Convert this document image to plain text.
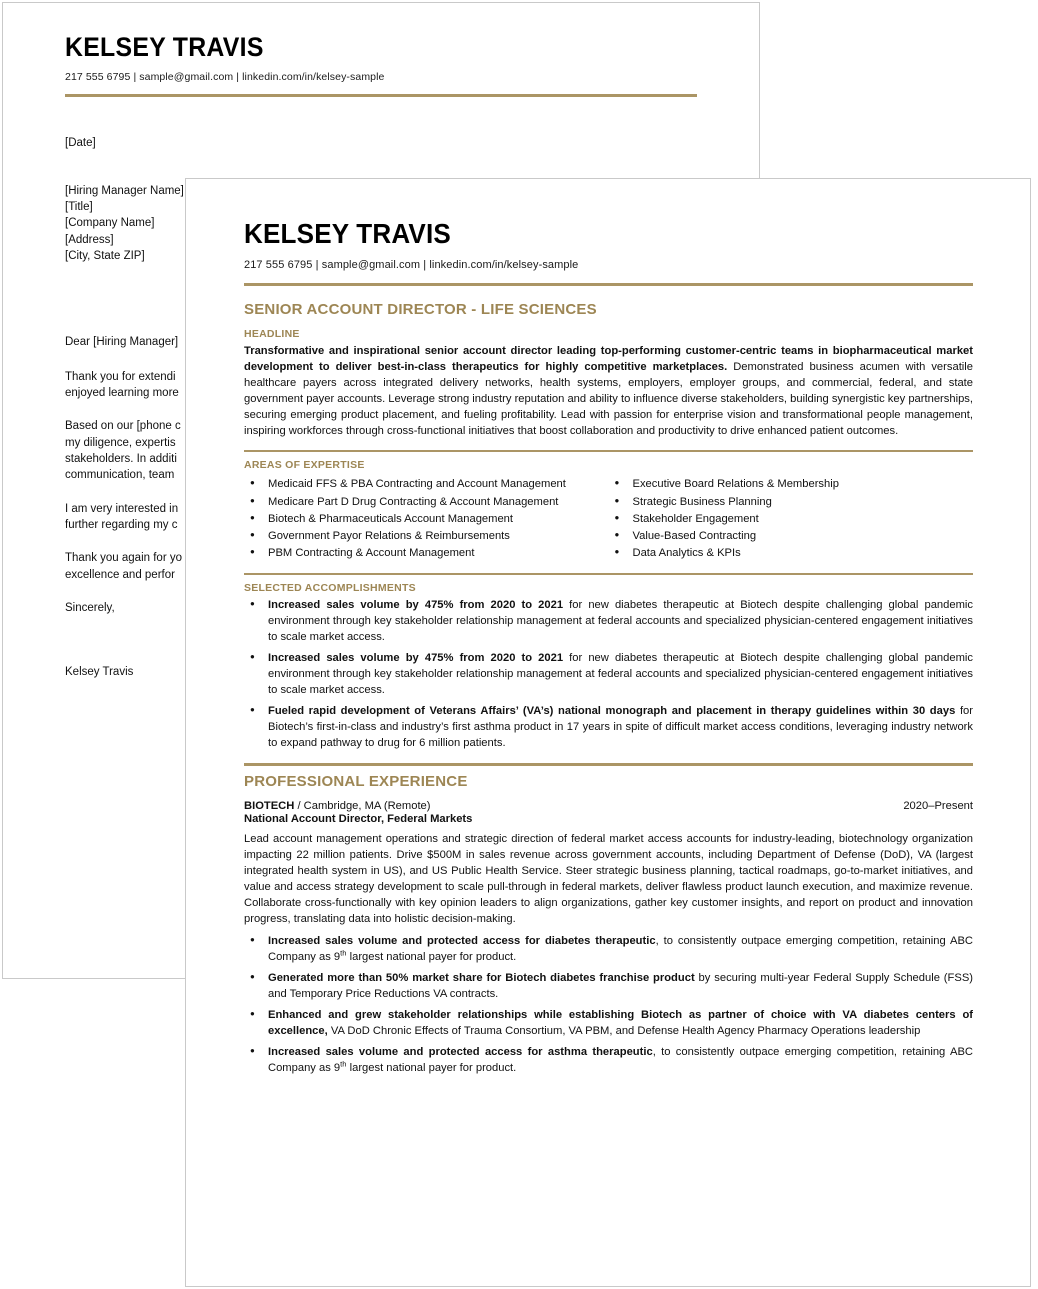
KELSEY TRAVIS

217 555 6795 | sample@gmail.com | linkedin.com/in/kelsey-sample

[Date]
[Hiring Manager Name]
[Title]
[Company Name]
[Address]
[City, State ZIP]
Dear [Hiring Manager]
Thank you for extendi
enjoyed learning more
Based on our [phone c
my diligence, expertis
stakeholders. In additi
communication, team
I am very interested in
further regarding my c
Thank you again for yo
excellence and perfor
Sincerely,
Kelsey Travis
KELSEY TRAVIS

217 555 6795 | sample@gmail.com | linkedin.com/in/kelsey-sample

SENIOR ACCOUNT DIRECTOR - LIFE SCIENCES
HEADLINE

Transformative and inspirational senior account director leading top-performing customer-centric teams in biopharmaceutical market development to deliver best-in-class therapeutics for highly competitive marketplaces. Demonstrated business acumen with versatile healthcare payers across integrated delivery networks, health systems, employers, employer groups, and commercial, federal, and state government payer accounts. Leverage strong industry reputation and ability to influence diverse stakeholders, building synergistic key partnerships, securing emerging product placement, and fueling profitability. Lead with passion for enterprise vision and transformational people management, inspiring workforces through cross-functional initiatives that boost collaboration and productivity to drive enhanced patient outcomes.

AREAS OF EXPERTISE
● Medicaid FFS & PBA Contracting and Account Management
● Medicare Part D Drug Contracting & Account Management
● Biotech & Pharmaceuticals Account Management
● Government Payor Relations & Reimbursements
● PBM Contracting & Account Management
● Executive Board Relations & Membership
● Strategic Business Planning
● Stakeholder Engagement
● Value-Based Contracting
● Data Analytics & KPIs
SELECTED ACCOMPLISHMENTS
● Increased sales volume by 475% from 2020 to 2021 for new diabetes therapeutic at Biotech despite challenging global pandemic environment through key stakeholder relationship management at federal accounts and specialized physician-centered engagement initiatives to scale market access.
● Increased sales volume by 475% from 2020 to 2021 for new diabetes therapeutic at Biotech despite challenging global pandemic environment through key stakeholder relationship management at federal accounts and specialized physician-centered engagement initiatives to scale market access.
● Fueled rapid development of Veterans Affairs’ (VA’s) national monograph and placement in therapy guidelines within 30 days for Biotech’s first-in-class and industry’s first asthma product in 17 years in spite of difficult market access conditions, leveraging industry network to expand pathway to drug for 6 million patients.
PROFESSIONAL EXPERIENCE
BIOTECH / Cambridge, MA (Remote)	2020–Present
National Account Director, Federal Markets

Lead account management operations and strategic direction of federal market access accounts for industry-leading, biotechnology organization impacting 22 million patients. Drive $500M in sales revenue across government accounts, including Department of Defense (DoD), VA (largest integrated health system in US), and US Public Health Service. Steer strategic business planning, tactical roadmaps, go-to-market initiatives, and value and access strategy development to scale pull-through in federal markets, deliver flawless product launch execution, and maximize revenue. Collaborate cross-functionally with key opinion leaders to align organizations, gather key customer insights, and report on product and innovation progress, translating data into holistic decision-making.

● Increased sales volume and protected access for diabetes therapeutic, to consistently outpace emerging competition, retaining ABC Company as 9th largest national payer for product.
● Generated more than 50% market share for Biotech diabetes franchise product by securing multi-year Federal Supply Schedule (FSS) and Temporary Price Reductions VA contracts.
● Enhanced and grew stakeholder relationships while establishing Biotech as partner of choice with VA diabetes centers of excellence, VA DoD Chronic Effects of Trauma Consortium, VA PBM, and Defense Health Agency Pharmacy Operations leadership
● Increased sales volume and protected access for asthma therapeutic, to consistently outpace emerging competition, retaining ABC Company as 9th largest national payer for product.
